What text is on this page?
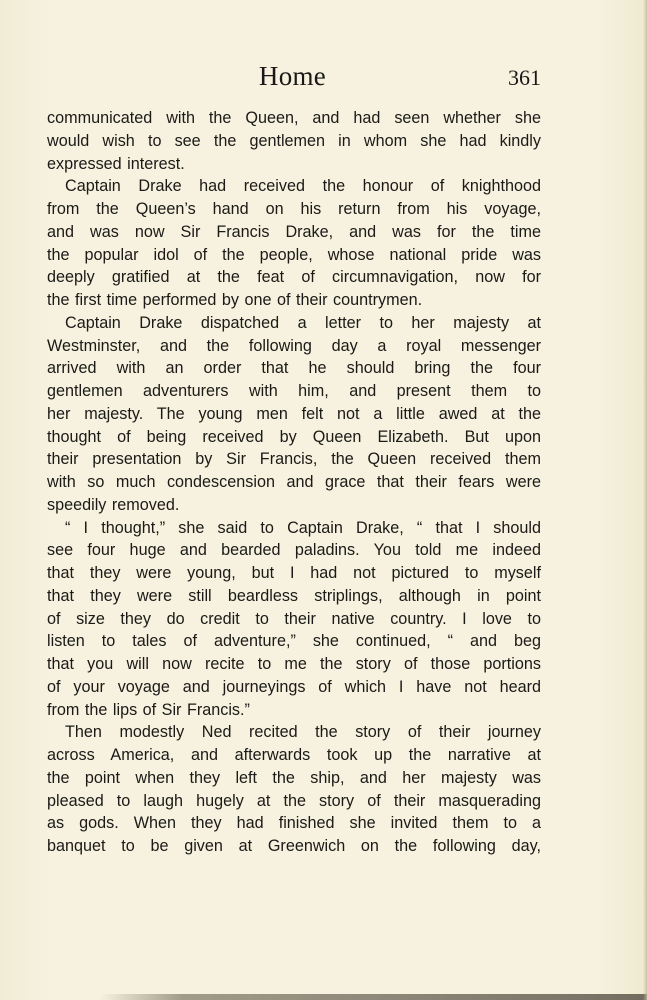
Home	361
communicated with the Queen, and had seen whether she
would wish to see the gentlemen in whom she had kindly
expressed interest.
Captain Drake had received the honour of knighthood
from the Queen’s hand on his return from his voyage,
and was now Sir Francis Drake, and was for the time
the popular idol of the people, whose national pride was
deeply gratified at the feat of circumnavigation, now for
the first time performed by one of their countrymen.
Captain Drake dispatched a letter to her majesty at
Westminster, and the following day a royal messenger
arrived with an order that he should bring the four
gentlemen adventurers with him, and present them to
her majesty. The young men felt not a little awed at the
thought of being received by Queen Elizabeth. But upon
their presentation by Sir Francis, the Queen received them
with so much condescension and grace that their fears were
speedily removed.
“ I thought,” she said to Captain Drake, “ that I should
see four huge and bearded paladins. You told me indeed
that they were young, but I had not pictured to myself
that they were still beardless striplings, although in point
of size they do credit to their native country. I love to
listen to tales of adventure,” she continued, “ and beg
that you will now recite to me the story of those portions
of your voyage and journeyings of which I have not heard
from the lips of Sir Francis.”
Then modestly Ned recited the story of their journey
across America, and afterwards took up the narrative at
the point when they left the ship, and her majesty was
pleased to laugh hugely at the story of their masquerading
as gods. When they had finished she invited them to a
banquet to be given at Greenwich on the following day,
